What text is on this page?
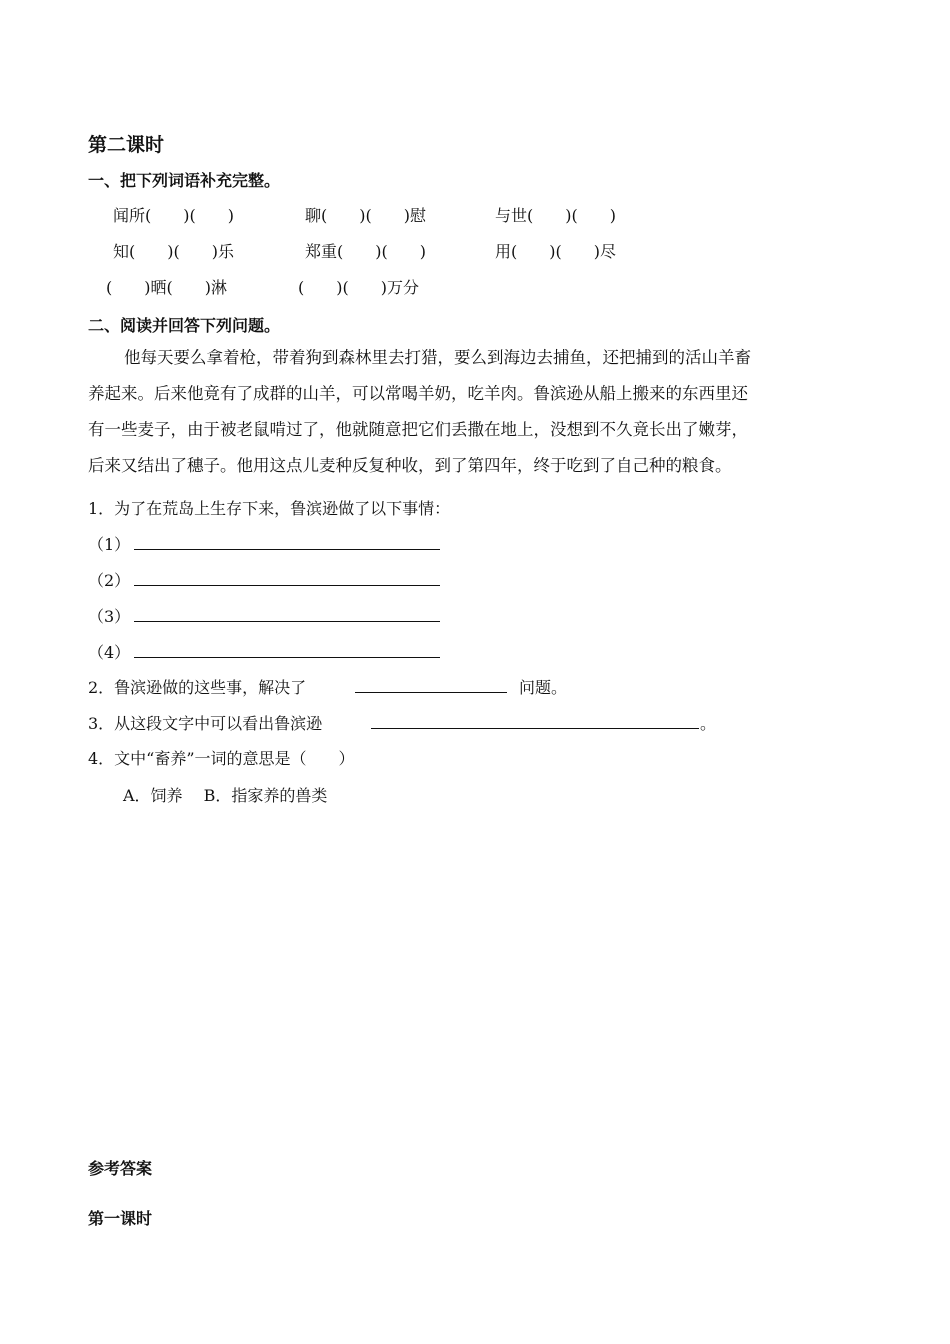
第二课时
一、把下列词语补充完整。
闻所(　　)(　　)	聊(　　)(　　)慰	与世(　　)(　　)
知(　　)(　　)乐	郑重(　　)(　　)	用(　　)(　　)尽
(　　)晒(　　)淋	(　　)(　　)万分
二、阅读并回答下列问题。
他每天要么拿着枪，带着狗到森林里去打猎，要么到海边去捕鱼，还把捕到的活山羊畜
养起来。后来他竟有了成群的山羊，可以常喝羊奶，吃羊肉。鲁滨逊从船上搬来的东西里还
有一些麦子，由于被老鼠啃过了，他就随意把它们丢撒在地上，没想到不久竟长出了嫩芽，
后来又结出了穗子。他用这点儿麦种反复种收，到了第四年，终于吃到了自己种的粮食。
1．为了在荒岛上生存下来，鲁滨逊做了以下事情：
（1）
（2）
（3）
（4）
2．鲁滨逊做的这些事，解决了	问题。
3．从这段文字中可以看出鲁滨逊	。
4．文中“畜养”一词的意思是（　　）
A．饲养　 B．指家养的兽类
参考答案
第一课时
